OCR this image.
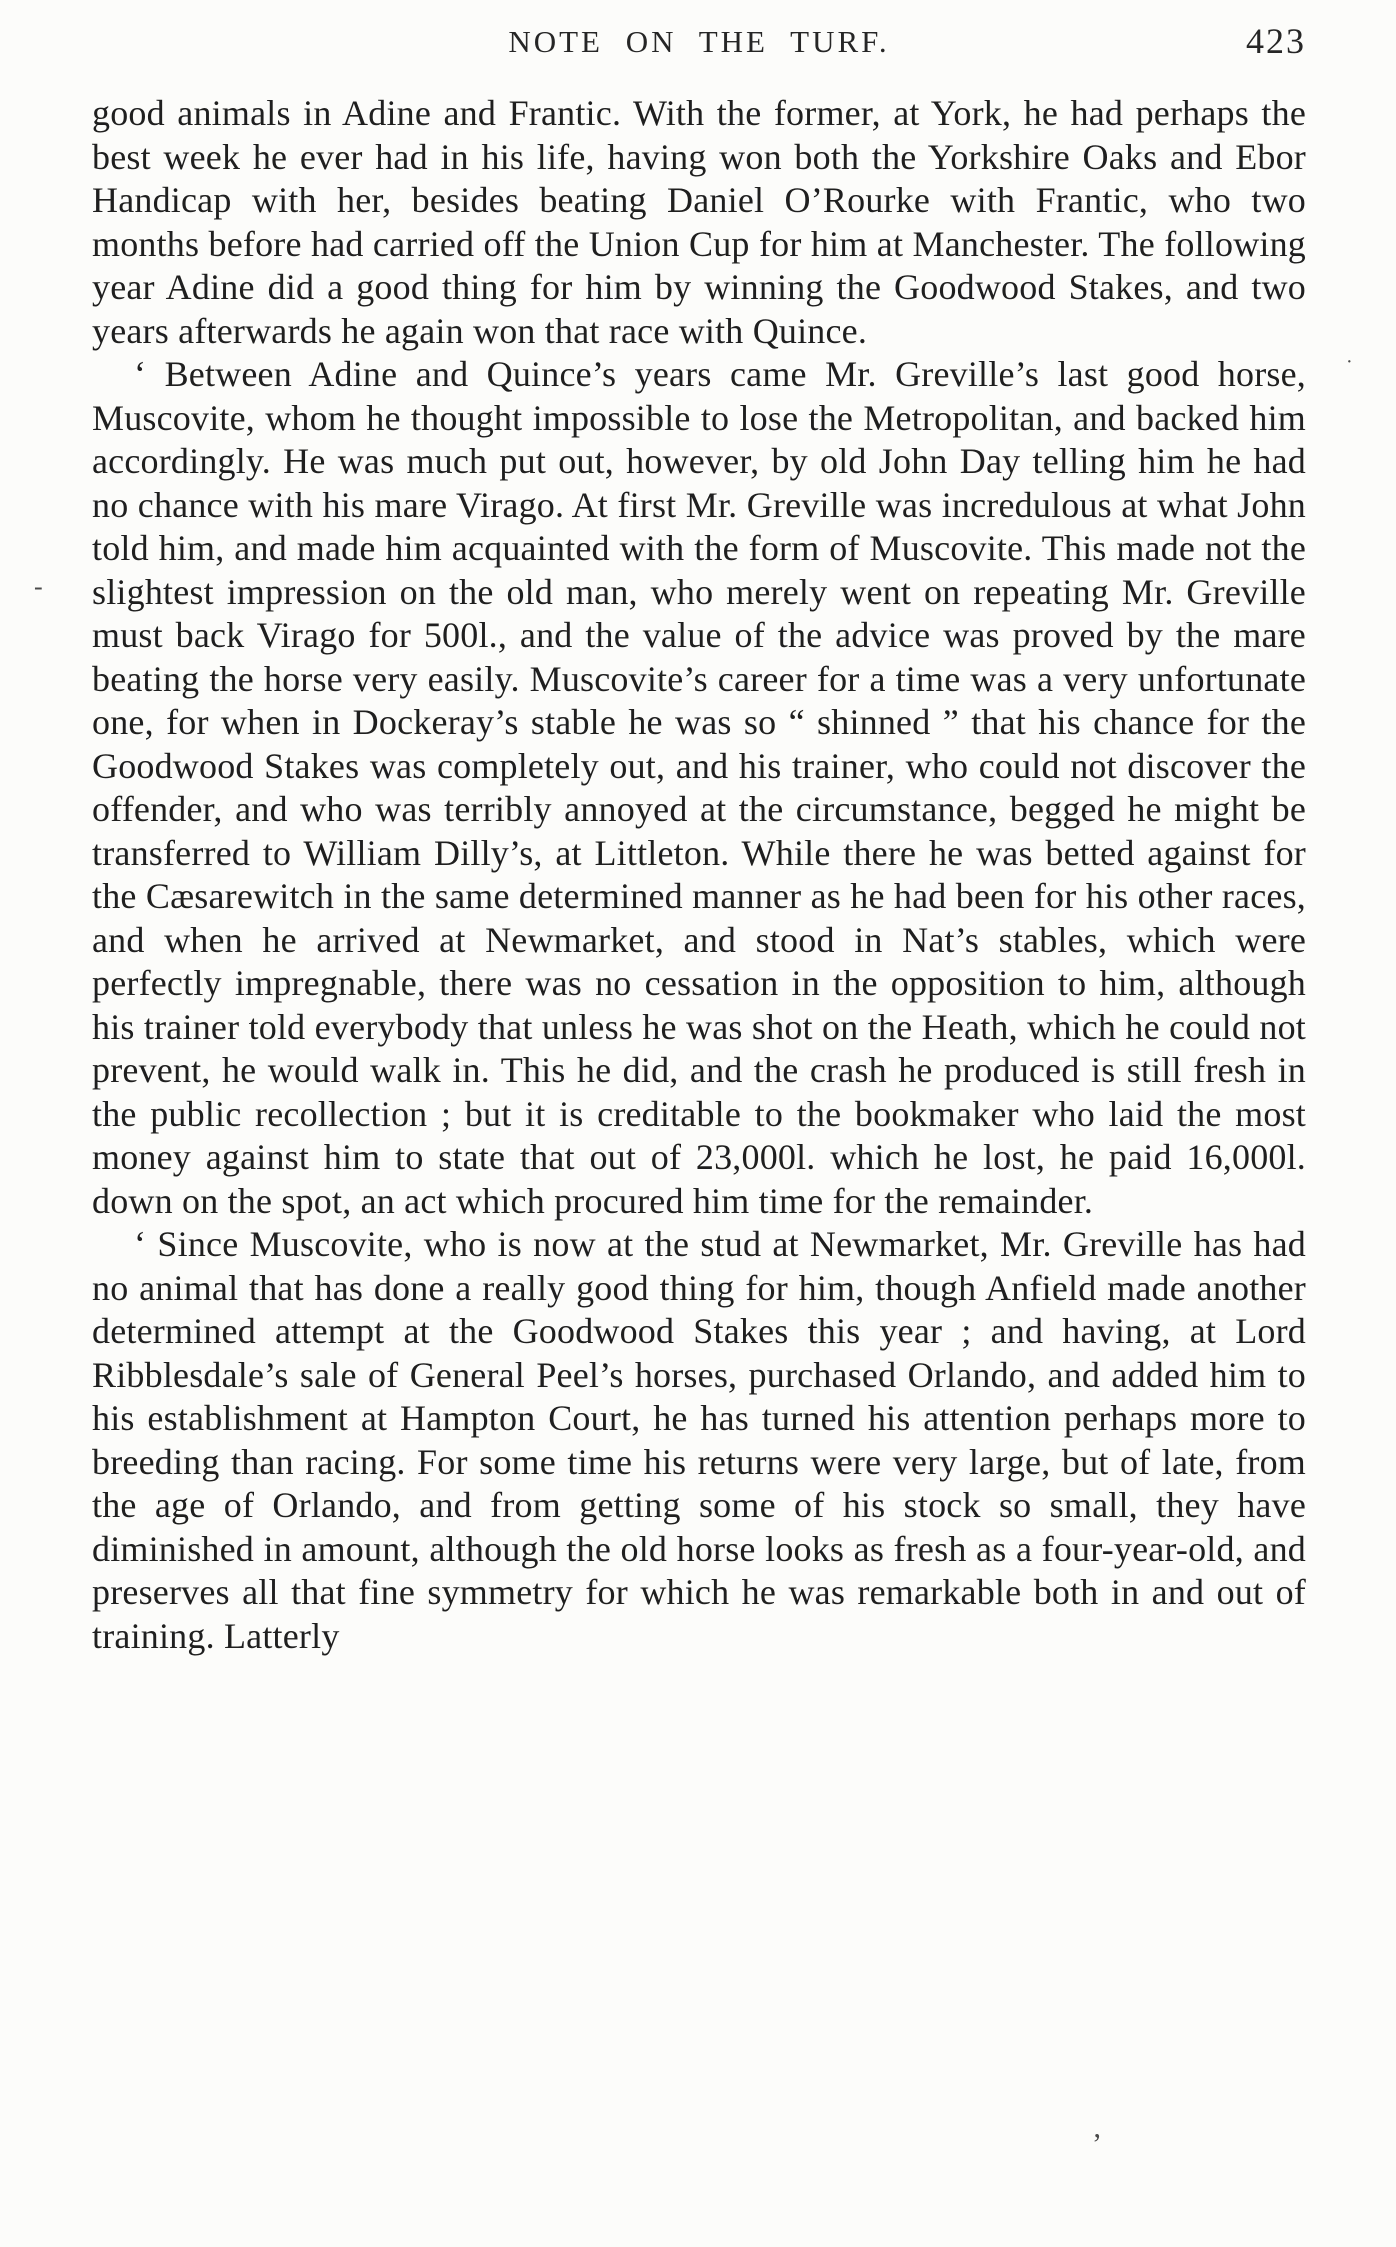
NOTE ON THE TURF.	423

good animals in Adine and Frantic. With the former, at York, he had perhaps the best week he ever had in his life, having won both the Yorkshire Oaks and Ebor Handicap with her, besides beating Daniel O’Rourke with Frantic, who two months before had carried off the Union Cup for him at Manchester. The following year Adine did a good thing for him by winning the Goodwood Stakes, and two years afterwards he again won that race with Quince.

‘ Between Adine and Quince’s years came Mr. Greville’s last good horse, Muscovite, whom he thought impossible to lose the Metropolitan, and backed him accordingly. He was much put out, however, by old John Day telling him he had no chance with his mare Virago. At first Mr. Greville was incredulous at what John told him, and made him acquainted with the form of Muscovite. This made not the slightest impression on the old man, who merely went on repeating Mr. Greville must back Virago for 500l., and the value of the advice was proved by the mare beating the horse very easily. Muscovite’s career for a time was a very unfortunate one, for when in Dockeray’s stable he was so “ shinned ” that his chance for the Goodwood Stakes was completely out, and his trainer, who could not discover the offender, and who was terribly annoyed at the circumstance, begged he might be transferred to William Dilly’s, at Littleton. While there he was betted against for the Cæsarewitch in the same determined manner as he had been for his other races, and when he arrived at Newmarket, and stood in Nat’s stables, which were perfectly impregnable, there was no cessation in the opposition to him, although his trainer told everybody that unless he was shot on the Heath, which he could not prevent, he would walk in. This he did, and the crash he produced is still fresh in the public recollection ; but it is creditable to the bookmaker who laid the most money against him to state that out of 23,000l. which he lost, he paid 16,000l. down on the spot, an act which procured him time for the remainder.

‘ Since Muscovite, who is now at the stud at Newmarket, Mr. Greville has had no animal that has done a really good thing for him, though Anfield made another determined attempt at the Goodwood Stakes this year ; and having, at Lord Ribblesdale’s sale of General Peel’s horses, purchased Orlando, and added him to his establishment at Hampton Court, he has turned his attention perhaps more to breeding than racing. For some time his returns were very large, but of late, from the age of Orlando, and from getting some of his stock so small, they have diminished in amount, although the old horse looks as fresh as a four-year-old, and preserves all that fine symmetry for which he was remarkable both in and out of training. Latterly

·
-
ʼ
